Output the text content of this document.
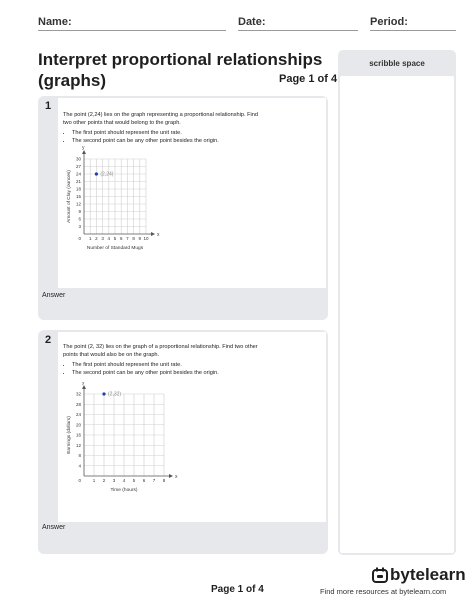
Name:	Date:	Period:
Interpret proportional relationships
(graphs)	Page 1 of 4
1
The point (2,24) lies on the graph representing a proportional relationship. Find
two other points that would belong to the graph.
• The first point should represent the unit rate.
• The second point can be any other point besides the origin.
x
y
1 2 3 4 5 6 7 8 9 10
3
6
9
12
15
18
21
24
27
30
0
Number of Standard Mugs
Amount of Clay (ounces)	(2,24)
Answer
2
The point (2, 32) lies on the graph of a proportional relationship. Find two other
points that would also be on the graph.
• The first point should represent the unit rate.
• The second point can be any other point besides the origin.
x
y
1 2 3 4 5 6 7 8
4
8
12
16
20
24
28
32
0
Time (hours)
Earnings (dollars)
(2,32)
Answer
scribble space
Page 1 of 4
bytelearn
Find more resources at bytelearn.com
